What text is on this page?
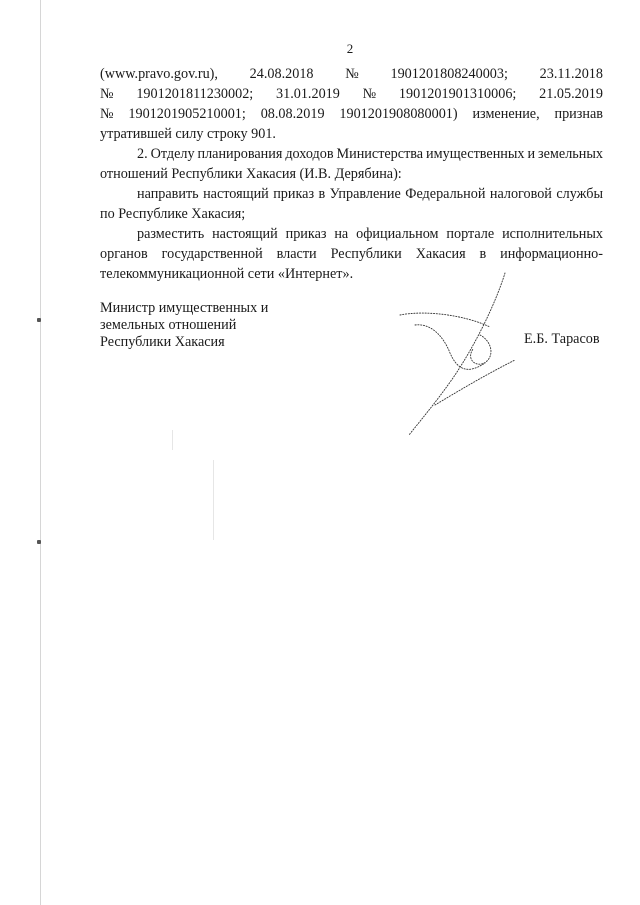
2
(www.pravo.gov.ru), 24.08.2018 № 1901201808240003; 23.11.2018
№ 1901201811230002; 31.01.2019 № 1901201901310006; 21.05.2019
№ 1901201905210001; 08.08.2019 1901201908080001) изменение, признав
утратившей силу строку 901.
2. Отделу планирования доходов Министерства имущественных и земельных
отношений Республики Хакасия (И.В. Дерябина):
направить настоящий приказ в Управление Федеральной налоговой службы
по Республике Хакасия;
разместить настоящий приказ на официальном портале исполнительных
органов государственной власти Республики Хакасия в информационно-
телекоммуникационной сети «Интернет».
Министр имущественных и
земельных отношений
Республики Хакасия	Е.Б. Тарасов
